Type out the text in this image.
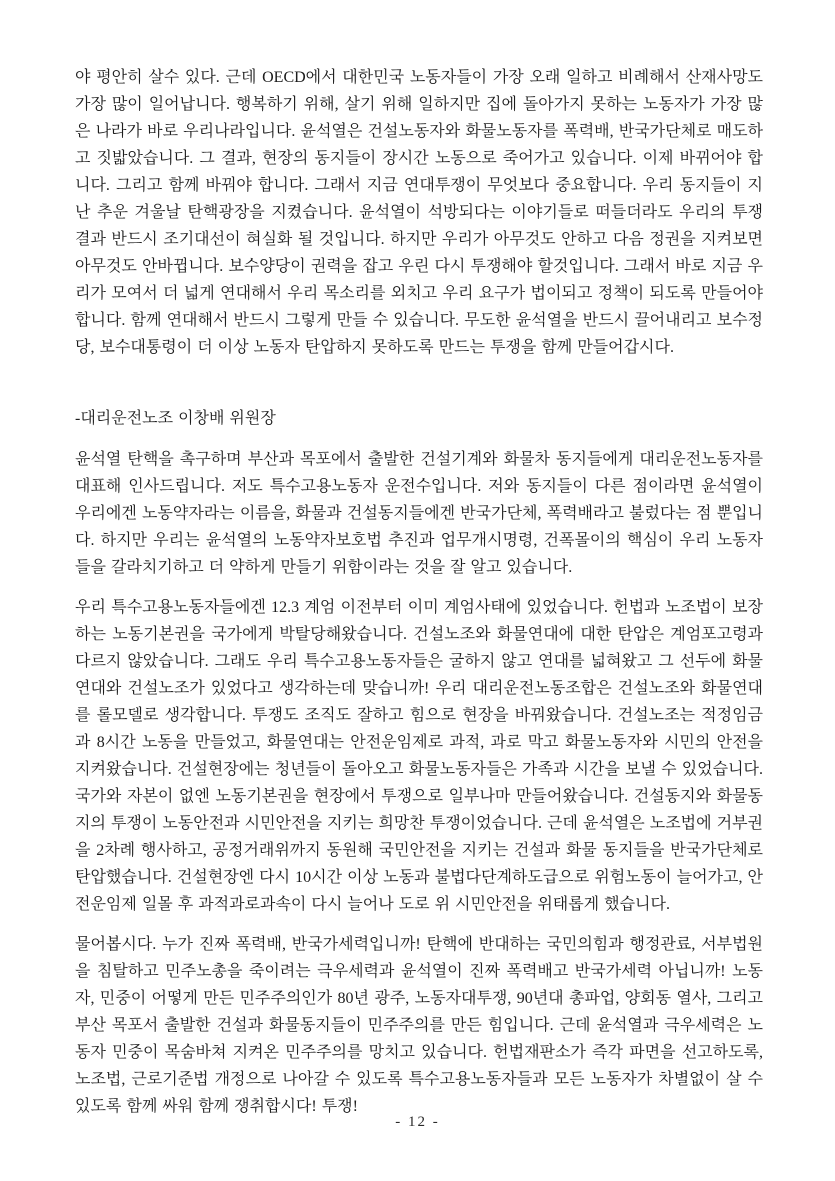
야 평안히 살수 있다. 근데 OECD에서 대한민국 노동자들이 가장 오래 일하고 비례해서 산재사망도 가장 많이 일어납니다. 행복하기 위해, 살기 위해 일하지만 집에 돌아가지 못하는 노동자가 가장 많은 나라가 바로 우리나라입니다. 윤석열은 건설노동자와 화물노동자를 폭력배, 반국가단체로 매도하고 짓밟았습니다. 그 결과, 현장의 동지들이 장시간 노동으로 죽어가고 있습니다. 이제 바뀌어야 합니다. 그리고 함께 바꿔야 합니다. 그래서 지금 연대투쟁이 무엇보다 중요합니다. 우리 동지들이 지난 추운 겨울날 탄핵광장을 지켰습니다. 윤석열이 석방되다는 이야기들로 떠들더라도 우리의 투쟁 결과 반드시 조기대선이 혀실화 될 것입니다. 하지만 우리가 아무것도 안하고 다음 정권을 지켜보면 아무것도 안바뀝니다. 보수양당이 권력을 잡고 우린 다시 투쟁해야 할것입니다. 그래서 바로 지금 우리가 모여서 더 넓게 연대해서 우리 목소리를 외치고 우리 요구가 법이되고 정책이 되도록 만들어야 합니다. 함께 연대해서 반드시 그렇게 만들 수 있습니다. 무도한 윤석열을 반드시 끌어내리고 보수정당, 보수대통령이 더 이상 노동자 탄압하지 못하도록 만드는 투쟁을 함께 만들어갑시다.

-대리운전노조 이창배 위원장

윤석열 탄핵을 촉구하며 부산과 목포에서 출발한 건설기계와 화물차 동지들에게 대리운전노동자를 대표해 인사드립니다. 저도 특수고용노동자 운전수입니다. 저와 동지들이 다른 점이라면 윤석열이 우리에겐 노동약자라는 이름을, 화물과 건설동지들에겐 반국가단체, 폭력배라고 불렀다는 점 뿐입니다. 하지만 우리는 윤석열의 노동약자보호법 추진과 업무개시명령, 건폭몰이의 핵심이 우리 노동자들을 갈라치기하고 더 약하게 만들기 위함이라는 것을 잘 알고 있습니다.

우리 특수고용노동자들에겐 12.3 계엄 이전부터 이미 계엄사태에 있었습니다. 헌법과 노조법이 보장하는 노동기본권을 국가에게 박탈당해왔습니다. 건설노조와 화물연대에 대한 탄압은 계엄포고령과 다르지 않았습니다. 그래도 우리 특수고용노동자들은 굴하지 않고 연대를 넓혀왔고 그 선두에 화물연대와 건설노조가 있었다고 생각하는데 맞습니까! 우리 대리운전노동조합은 건설노조와 화물연대를 롤모델로 생각합니다. 투쟁도 조직도 잘하고 힘으로 현장을 바꿔왔습니다. 건설노조는 적정임금과 8시간 노동을 만들었고, 화물연대는 안전운임제로 과적, 과로 막고 화물노동자와 시민의 안전을 지켜왔습니다. 건설현장에는 청년들이 돌아오고 화물노동자들은 가족과 시간을 보낼 수 있었습니다. 국가와 자본이 없엔 노동기본권을 현장에서 투쟁으로 일부나마 만들어왔습니다. 건설동지와 화물동지의 투쟁이 노동안전과 시민안전을 지키는 희망찬 투쟁이었습니다. 근데 윤석열은 노조법에 거부권을 2차례 행사하고, 공정거래위까지 동원해 국민안전을 지키는 건설과 화물 동지들을 반국가단체로 탄압했습니다. 건설현장엔 다시 10시간 이상 노동과 불법다단계하도급으로 위험노동이 늘어가고, 안전운임제 일몰 후 과적과로과속이 다시 늘어나 도로 위 시민안전을 위태롭게 했습니다.

물어봅시다. 누가 진짜 폭력배, 반국가세력입니까! 탄핵에 반대하는 국민의힘과 행정관료, 서부법원을 침탈하고 민주노총을 죽이려는 극우세력과 윤석열이 진짜 폭력배고 반국가세력 아닙니까! 노동자, 민중이 어떻게 만든 민주주의인가 80년 광주, 노동자대투쟁, 90년대 총파업, 양회동 열사, 그리고 부산 목포서 출발한 건설과 화물동지들이 민주주의를 만든 힘입니다. 근데 윤석열과 극우세력은 노동자 민중이 목숨바쳐 지켜온 민주주의를 망치고 있습니다. 헌법재판소가 즉각 파면을 선고하도록, 노조법, 근로기준법 개정으로 나아갈 수 있도록 특수고용노동자들과 모든 노동자가 차별없이 살 수 있도록 함께 싸워 함께 쟁취합시다! 투쟁!

- 12 -
